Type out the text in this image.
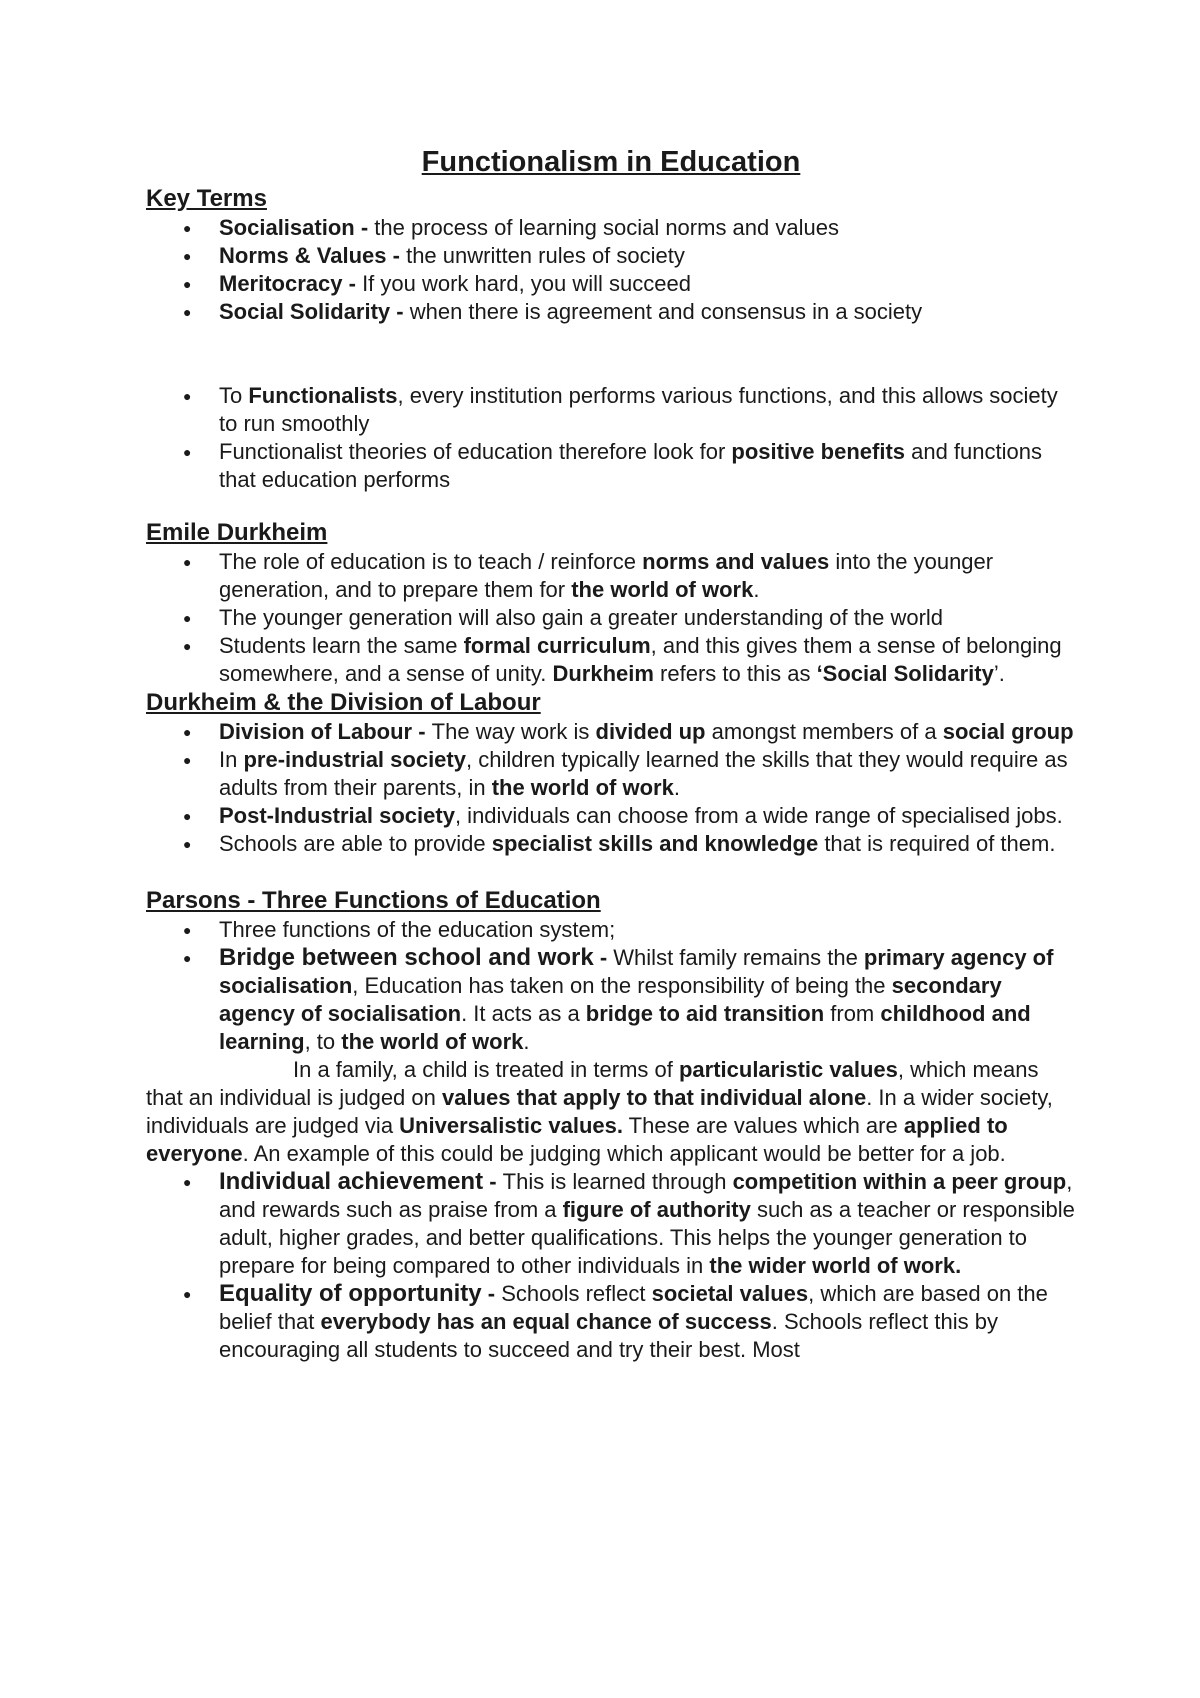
Functionalism in Education
Key Terms
● Socialisation - the process of learning social norms and values
● Norms & Values - the unwritten rules of society
● Meritocracy - If you work hard, you will succeed
● Social Solidarity - when there is agreement and consensus in a society
● To Functionalists, every institution performs various functions, and this allows society to run smoothly
● Functionalist theories of education therefore look for positive benefits and functions that education performs
Emile Durkheim
● The role of education is to teach / reinforce norms and values into the younger generation, and to prepare them for the world of work.
● The younger generation will also gain a greater understanding of the world
● Students learn the same formal curriculum, and this gives them a sense of belonging somewhere, and a sense of unity. Durkheim refers to this as ‘Social Solidarity’.
Durkheim & the Division of Labour
● Division of Labour - The way work is divided up amongst members of a social group
● In pre-industrial society, children typically learned the skills that they would require as adults from their parents, in the world of work.
● Post-Industrial society, individuals can choose from a wide range of specialised jobs.
● Schools are able to provide specialist skills and knowledge that is required of them.
Parsons - Three Functions of Education
● Three functions of the education system;
● Bridge between school and work - Whilst family remains the primary agency of socialisation, Education has taken on the responsibility of being the secondary agency of socialisation. It acts as a bridge to aid transition from childhood and learning, to the world of work.

In a family, a child is treated in terms of particularistic values, which means that an individual is judged on values that apply to that individual alone. In a wider society, individuals are judged via Universalistic values. These are values which are applied to everyone. An example of this could be judging which applicant would be better for a job.

● Individual achievement - This is learned through competition within a peer group, and rewards such as praise from a figure of authority such as a teacher or responsible adult, higher grades, and better qualifications. This helps the younger generation to prepare for being compared to other individuals in the wider world of work.
● Equality of opportunity - Schools reflect societal values, which are based on the belief that everybody has an equal chance of success. Schools reflect this by encouraging all students to succeed and try their best. Most
